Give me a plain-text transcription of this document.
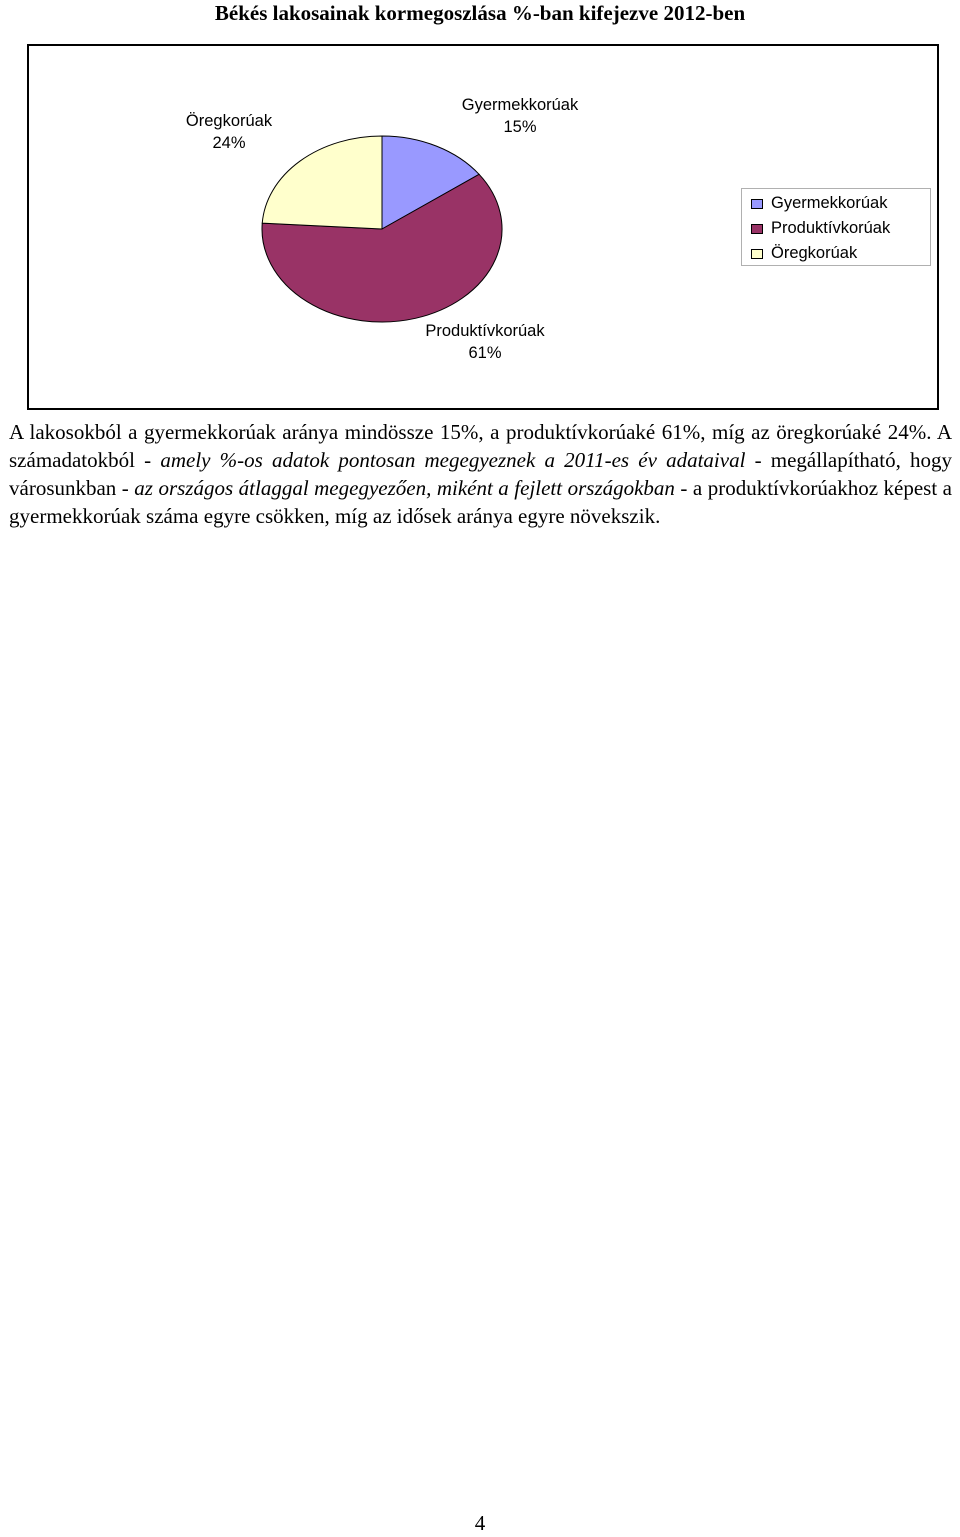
Békés lakosainak kormegoszlása %-ban kifejezve 2012-ben
Öregkorúak
24%
Gyermekkorúak
15%
Produktívkorúak
61%
Gyermekkorúak
Produktívkorúak
Öregkorúak

A lakosokból a gyermekkorúak aránya mindössze 15%, a produktívkorúaké 61%, míg az öregkorúaké 24%. A számadatokból - amely %-os adatok pontosan megegyeznek a 2011-es év adataival - megállapítható, hogy városunkban - az országos átlaggal megegyezően, miként a fejlett országokban - a produktívkorúakhoz képest a gyermekkorúak száma egyre csökken, míg az idősek aránya egyre növekszik.

4
